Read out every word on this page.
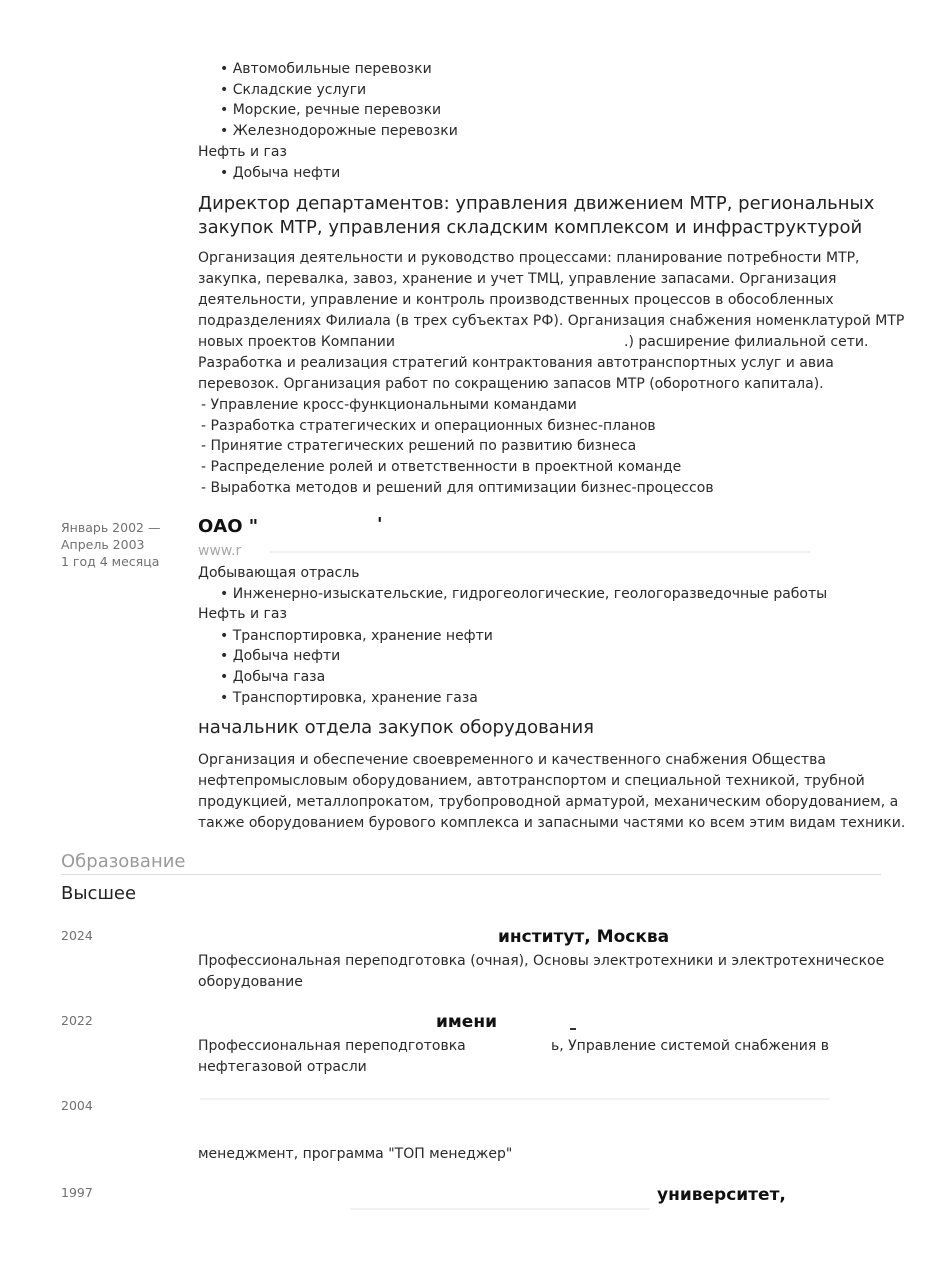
• Автомобильные перевозки
• Складские услуги
• Морские, речные перевозки
• Железнодорожные перевозки
Нефть и газ
• Добыча нефти
Директор департаментов: управления движением МТР, региональных
закупок МТР, управления складским комплексом и инфраструктурой
Организация деятельности и руководство процессами: планирование потребности МТР,
закупка, перевалка, завоз, хранение и учет ТМЦ, управление запасами. Организация
деятельности, управление и контроль производственных процессов в обособленных
подразделениях Филиала (в трех субъектах РФ). Организация снабжения номенклатурой МТР
новых проектов Компании	.) расширение филиальной сети.
Разработка и реализация стратегий контрактования автотранспортных услуг и авиа
перевозок. Организация работ по сокращению запасов МТР (оборотного капитала).
- Управление кросс-функциональными командами
- Разработка стратегических и операционных бизнес-планов
- Принятие стратегических решений по развитию бизнеса
- Распределение ролей и ответственности в проектной команде
- Выработка методов и решений для оптимизации бизнес-процессов
Январь 2002 —
Апрель 2003
1 год 4 месяца
ОАО "	'
www.r
Добывающая отрасль
• Инженерно-изыскательские, гидрогеологические, геологоразведочные работы
Нефть и газ
• Транспортировка, хранение нефти
• Добыча нефти
• Добыча газа
• Транспортировка, хранение газа
начальник отдела закупок оборудования
Организация и обеспечение своевременного и качественного снабжения Общества
нефтепромысловым оборудованием, автотранспортом и специальной техникой, трубной
продукцией, металлопрокатом, трубопроводной арматурой, механическим оборудованием, а
также оборудованием бурового комплекса и запасными частями ко всем этим видам техники.
Образование
Высшее
2024	институт, Москва
Профессиональная переподготовка (очная), Основы электротехники и электротехническое
оборудование
2022	имени
Профессиональная переподготовка	ь, Управление системой снабжения в
нефтегазовой отрасли
2004
менеджмент, программа "ТОП менеджер"
1997	университет,
